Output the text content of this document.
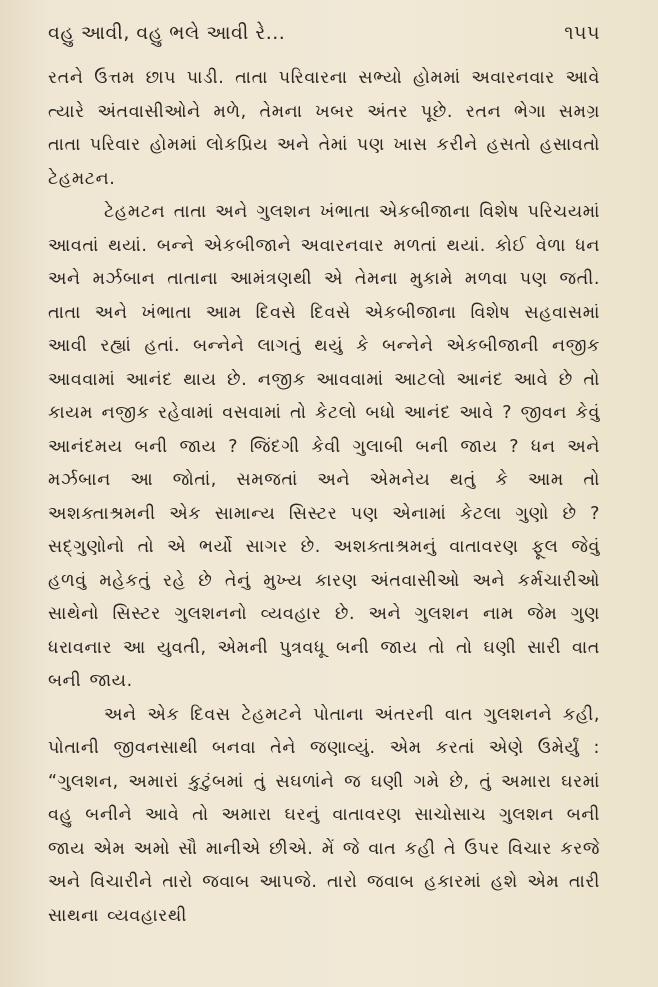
વહુ આવી, વહુ ભલે આવી રે...	૧૫૫

રતને ઉત્તમ છાપ પાડી. તાતા પરિવારના સભ્યો હોમમાં અવારનવાર આવે ત્યારે અંતવાસીઓને મળે, તેમના ખબર અંતર પૂછે. રતન ભેગા સમગ્ર તાતા પરિવાર હોમમાં લોકપ્રિય અને તેમાં પણ ખાસ કરીને હસતો હસાવતો ટેહમટન.

ટેહમટન તાતા અને ગુલશન ખંભાતા એકબીજાના વિશેષ પરિચયમાં આવતાં થયાં. બન્ને એકબીજાને અવારનવાર મળતાં થયાં. કોઈ વેળા ધન અને મર્ઝબાન તાતાના આમંત્રણથી એ તેમના મુકામે મળવા પણ જતી. તાતા અને ખંભાતા આમ દિવસે દિવસે એકબીજાના વિશેષ સહવાસમાં આવી રહ્યાં હતાં. બન્નેને લાગતું થયું કે બન્નેને એકબીજાની નજીક આવવામાં આનંદ થાય છે. નજીક આવવામાં આટલો આનંદ આવે છે તો કાયમ નજીક રહેવામાં વસવામાં તો કેટલો બધો આનંદ આવે ? જીવન કેવું આનંદમય બની જાય ? જિંદગી કેવી ગુલાબી બની જાય ? ધન અને મર્ઝબાન આ જોતાં, સમજતાં અને એમનેય થતું કે આમ તો અશક્તાશ્રમની એક સામાન્ય સિસ્ટર પણ એનામાં કેટલા ગુણો છે ? સદ્‌ગુણોનો તો એ ભર્યો સાગર છે. અશક્તાશ્રમનું વાતાવરણ ફૂલ જેવું હળવું મહેકતું રહે છે તેનું મુખ્ય કારણ અંતવાસીઓ અને કર્મચારીઓ સાથેનો સિસ્ટર ગુલશનનો વ્યવહાર છે. અને ગુલશન નામ જેમ ગુણ ધરાવનાર આ યુવતી, એમની પુત્રવધૂ બની જાય તો તો ઘણી સારી વાત બની જાય.

અને એક દિવસ ટેહમટને પોતાના અંતરની વાત ગુલશનને કહી, પોતાની જીવનસાથી બનવા તેને જણાવ્યું. એમ કરતાં એણે ઉમેર્યું : “ગુલશન, અમારાં કુટુંબમાં તું સઘળાંને જ ઘણી ગમે છે, તું અમારા ઘરમાં વહુ બનીને આવે તો અમારા ઘરનું વાતાવરણ સાચોસાચ ગુલશન બની જાય એમ અમો સૌ માનીએ છીએ. મેં જે વાત કહી તે ઉપર વિચાર કરજે અને વિચારીને તારો જવાબ આપજે. તારો જવાબ હકારમાં હશે એમ તારી સાથના વ્યવહારથી
